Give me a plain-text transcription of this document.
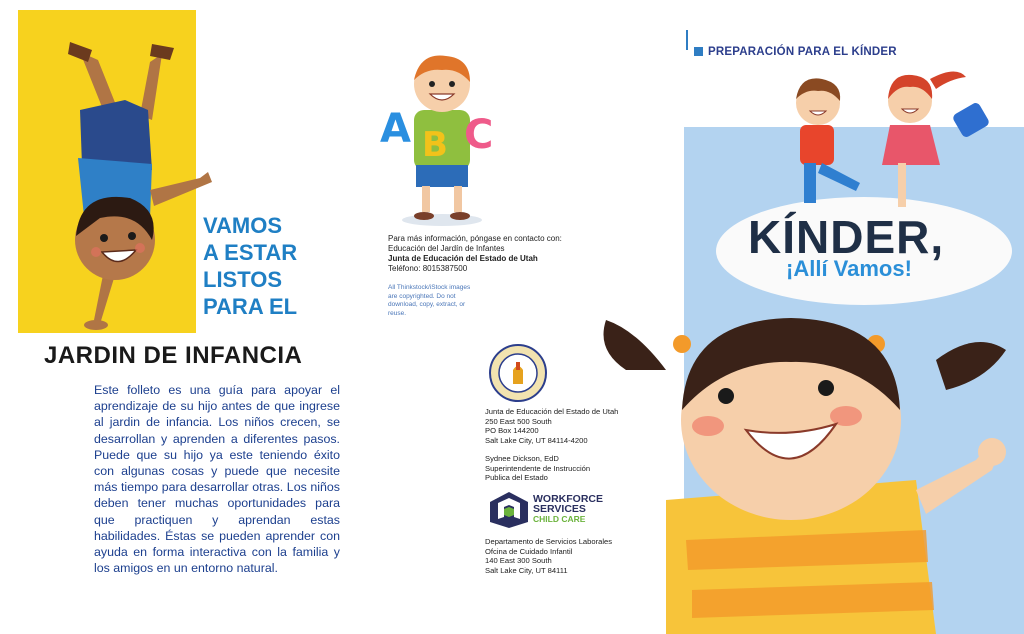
VAMOS
A ESTAR
LISTOS
PARA EL
JARDIN DE INFANCIA
Este folleto es una guía para apoyar el aprendizaje de su hijo antes de que ingrese al jardin de infancia. Los niños crecen, se desarrollan y aprenden a diferentes pasos. Puede que su hijo ya este teniendo éxito con algunas cosas y puede que necesite más tiempo para desarrollar otras. Los niños deben tener muchas oportunidades para que practiquen y aprendan estas habilidades. Éstas se pueden aprender con ayuda en forma interactiva con la familia y los amigos en un entorno natural.
A B C
Para más información, póngase en contacto con:
Educación del Jardín de Infantes
Junta de Educación del Estado de Utah
Teléfono: 8015387500
All Thinkstock/iStock images
are copyrighted. Do not
download, copy, extract, or
reuse.
Junta de Educación del Estado de Utah
250 East 500 South
PO Box 144200
Salt Lake City, UT 84114-4200
Sydnee Dickson, EdD
Superintendente de Instrucción
Publica del Estado
WORKFORCE
SERVICES
CHILD CARE
Departamento de Servicios Laborales
Ofcina de Cuidado Infantil
140 East 300 South
Salt Lake City, UT 84111
PREPARACIÓN PARA EL KÍNDER
KÍNDER,
¡Allí Vamos!
